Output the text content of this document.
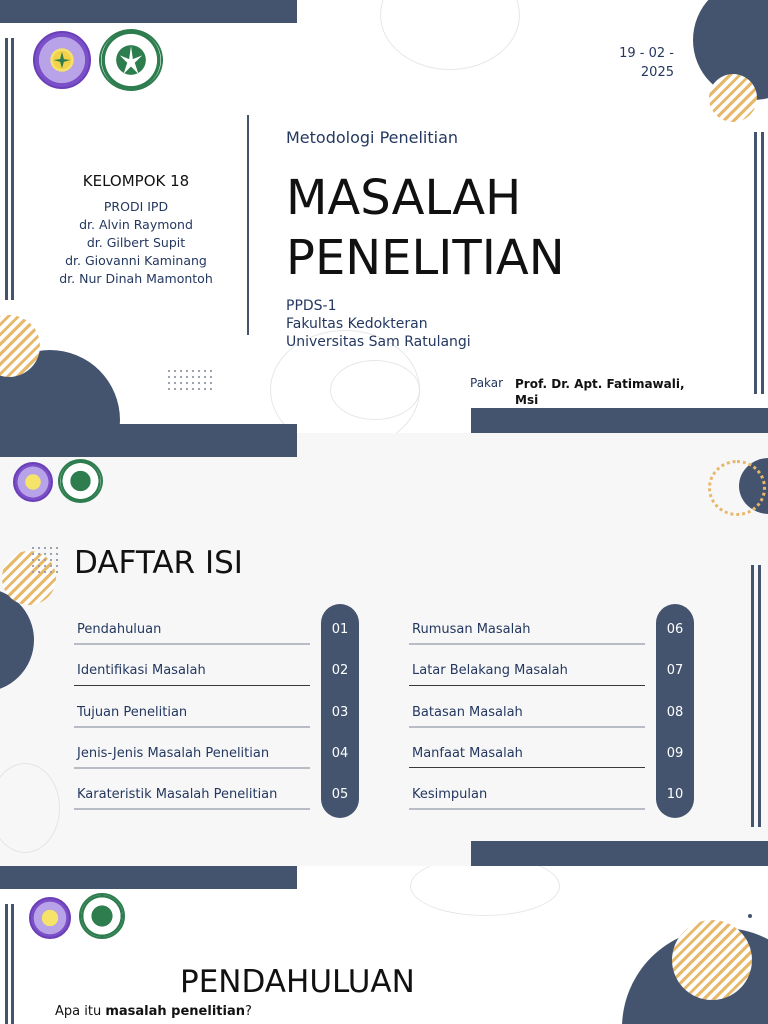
19 - 02 -
2025
KELOMPOK 18
PRODI IPD
dr. Alvin Raymond
dr. Gilbert Supit
dr. Giovanni Kaminang
dr. Nur Dinah Mamontoh
Metodologi Penelitian
MASALAH
PENELITIAN
PPDS-1
Fakultas Kedokteran
Universitas Sam Ratulangi
Pakar Prof. Dr. Apt. Fatimawali,
Msi
DAFTAR ISI
Pendahuluan	01
Identifikasi Masalah	02
Tujuan Penelitian	03
Jenis-Jenis Masalah Penelitian	04
Karateristik Masalah Penelitian	05
Rumusan Masalah	06
Latar Belakang Masalah	07
Batasan Masalah	08
Manfaat Masalah	09
Kesimpulan	10
PENDAHULUAN
Apa itu masalah penelitian?
